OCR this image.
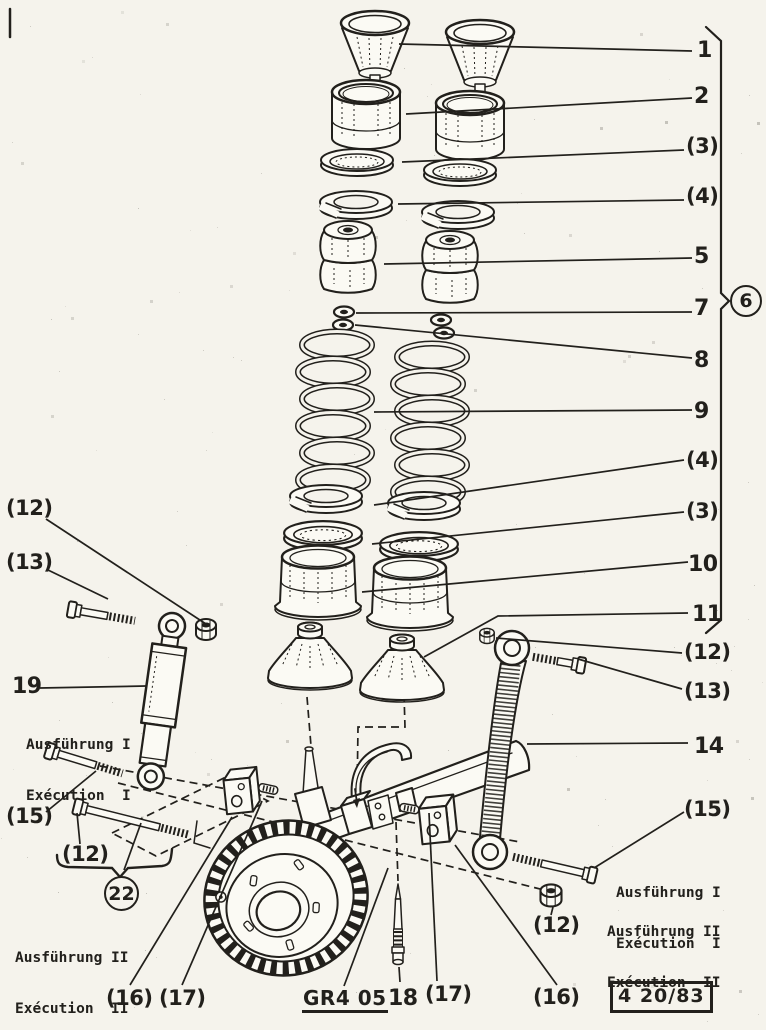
1
2
(3)
(4)
5
6
7
8
9
(4)
(3)
10
11
(12)
(13)
14
(15)
(12)
(16)
(12)
(13)
19
(15)
(12)
22
(16) (17)	(17)
18

Ausführung I

Exécution  I

Ausführung II

Exécution  II

Ausführung I

Exécution  I

Ausführung II

Exécution  II

GR4 05	4 20/83
